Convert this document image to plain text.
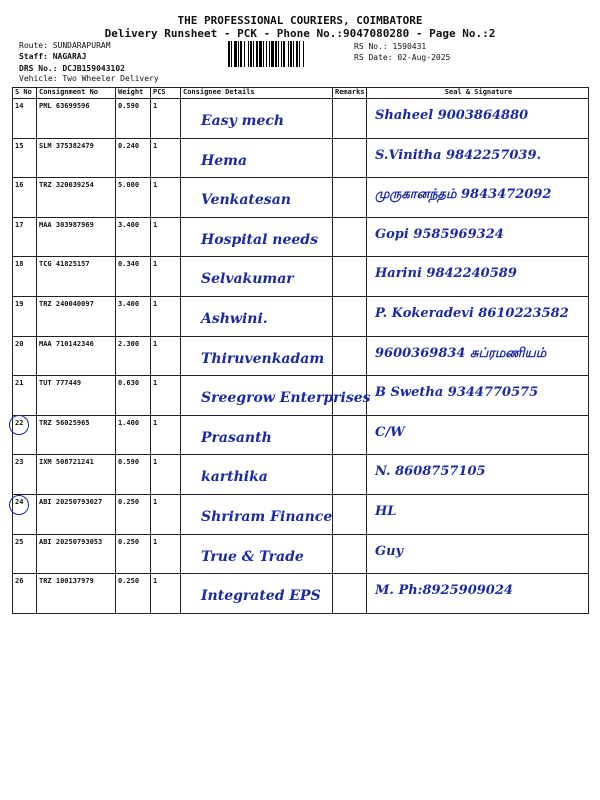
THE PROFESSIONAL COURIERS, COIMBATORE
Delivery Runsheet - PCK - Phone No.:9047080280 - Page No.:2
Route: SUNDARAPURAM
Staff: NAGARAJ
DRS No.: DCJB159043102
Vehicle: Two Wheeler Delivery
RS No.: 1590431
RS Date: 02-Aug-2025
S No	Consignment No	Weight	PCS	Consignee Details	Remarks	Seal & Signature
14	PML 63699596	0.590	1	Easy mech		Shaheel 9003864880

15	SLM 375382479	0.240	1	Hema		S.Vinitha 9842257039.

16	TRZ 320039254	5.000	1	Venkatesan		முருகானந்தம் 9843472092

17	MAA 303987969	3.400	1	Hospital needs		Gopi 9585969324

18	TCG 41825157	0.340	1	Selvakumar		Harini 9842240589

19	TRZ 240040097	3.400	1	Ashwini.		P. Kokeradevi 8610223582

20	MAA 710142346	2.300	1	Thiruvenkadam		9600369834 சுப்ரமணியம்

21	TUT 777449	0.630	1	Sreegrow Enterprises		B Swetha 9344770575

22	TRZ 56025965	1.400	1	Prasanth		C/W

23	IXM 508721241	0.590	1	karthika		N. 8608757105

24	ABI 20250793027	0.250	1	Shriram Finance		HL

25	ABI 20250793053	0.250	1	True & Trade		Guy

26	TRZ 100137979	0.250	1	Integrated EPS		M. Ph:8925909024
